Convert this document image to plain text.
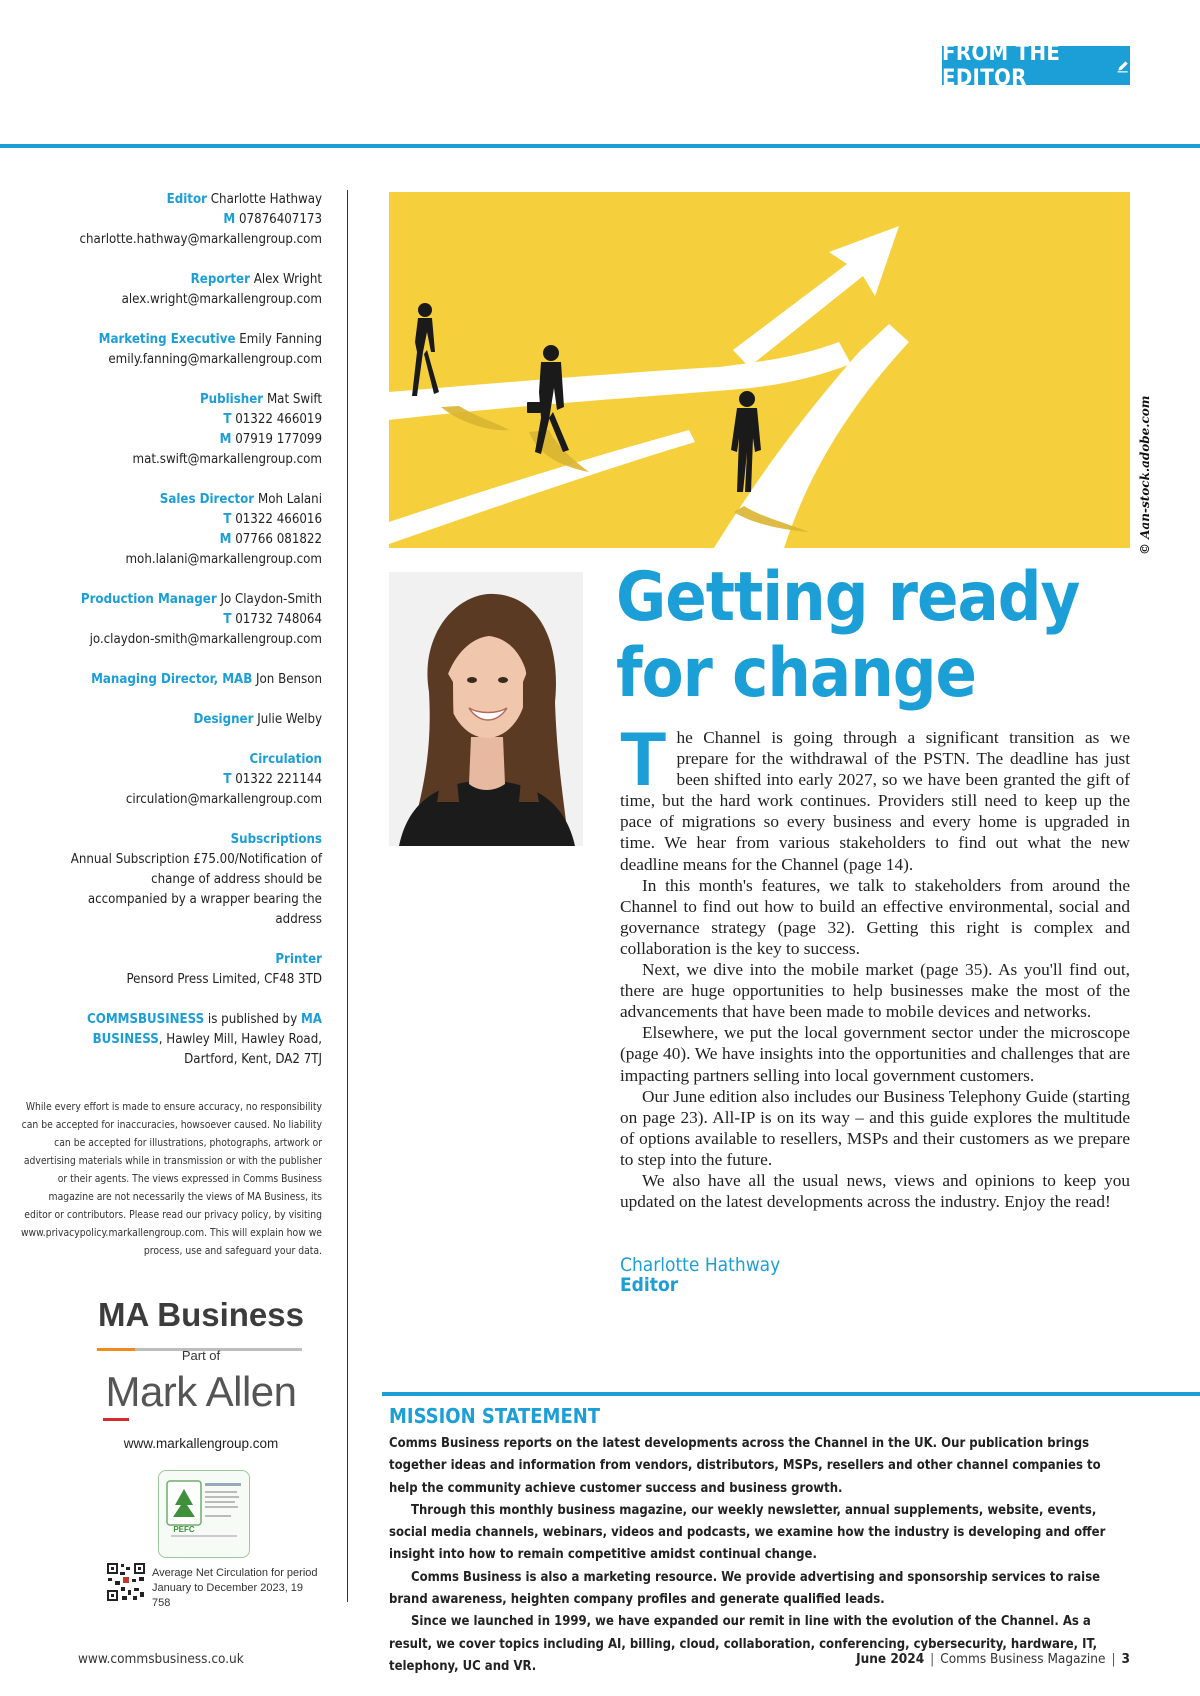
FROM THE EDITOR
Editor Charlotte Hathway
M 07876407173
charlotte.hathway@markallengroup.com
Reporter Alex Wright
alex.wright@markallengroup.com
Marketing Executive Emily Fanning
emily.fanning@markallengroup.com
Publisher Mat Swift
T 01322 466019
M 07919 177099
mat.swift@markallengroup.com
Sales Director Moh Lalani
T 01322 466016
M 07766 081822
moh.lalani@markallengroup.com
Production Manager Jo Claydon-Smith
T 01732 748064
jo.claydon-smith@markallengroup.com
Managing Director, MAB Jon Benson
Designer Julie Welby
Circulation
T 01322 221144
circulation@markallengroup.com
Subscriptions
Annual Subscription £75.00/Notification of change of address should be accompanied by a wrapper bearing the address
Printer
Pensord Press Limited, CF48 3TD
COMMSBUSINESS is published by MA BUSINESS, Hawley Mill, Hawley Road, Dartford, Kent, DA2 7TJ
While every effort is made to ensure accuracy, no responsibility can be accepted for inaccuracies, howsoever caused. No liability can be accepted for illustrations, photographs, artwork or advertising materials while in transmission or with the publisher or their agents. The views expressed in Comms Business magazine are not necessarily the views of MA Business, its editor or contributors. Please read our privacy policy, by visiting www.privacypolicy.markallengroup.com. This will explain how we process, use and safeguard your data.
MA Business
Part of
Mark Allen
www.markallengroup.com
PEFC
Average Net Circulation for period January to December 2023, 19 758
© Aan-stock.adobe.com
Getting ready
for change

The Channel is going through a significant transition as we prepare for the withdrawal of the PSTN. The deadline has just been shifted into early 2027, so we have been granted the gift of time, but the hard work continues. Providers still need to keep up the pace of migrations so every business and every home is upgraded in time. We hear from various stakeholders to find out what the new deadline means for the Channel (page 14).

In this month's features, we talk to stakeholders from around the Channel to find out how to build an effective environmental, social and governance strategy (page 32). Getting this right is complex and collaboration is the key to success.

Next, we dive into the mobile market (page 35). As you'll find out, there are huge opportunities to help businesses make the most of the advancements that have been made to mobile devices and networks.

Elsewhere, we put the local government sector under the microscope (page 40). We have insights into the opportunities and challenges that are impacting partners selling into local government customers.

Our June edition also includes our Business Telephony Guide (starting on page 23). All-IP is on its way – and this guide explores the multitude of options available to resellers, MSPs and their customers as we prepare to step into the future.

We also have all the usual news, views and opinions to keep you updated on the latest developments across the industry. Enjoy the read!

Charlotte Hathway
Editor
MISSION STATEMENT

Comms Business reports on the latest developments across the Channel in the UK. Our publication brings together ideas and information from vendors, distributors, MSPs, resellers and other channel companies to help the community achieve customer success and business growth.

Through this monthly business magazine, our weekly newsletter, annual supplements, website, events, social media channels, webinars, videos and podcasts, we examine how the industry is developing and offer insight into how to remain competitive amidst continual change.

Comms Business is also a marketing resource. We provide advertising and sponsorship services to raise brand awareness, heighten company profiles and generate qualified leads.

Since we launched in 1999, we have expanded our remit in line with the evolution of the Channel. As a result, we cover topics including AI, billing, cloud, collaboration, conferencing, cybersecurity, hardware, IT, telephony, UC and VR.

www.commsbusiness.co.uk	June 2024 | Comms Business Magazine | 3
